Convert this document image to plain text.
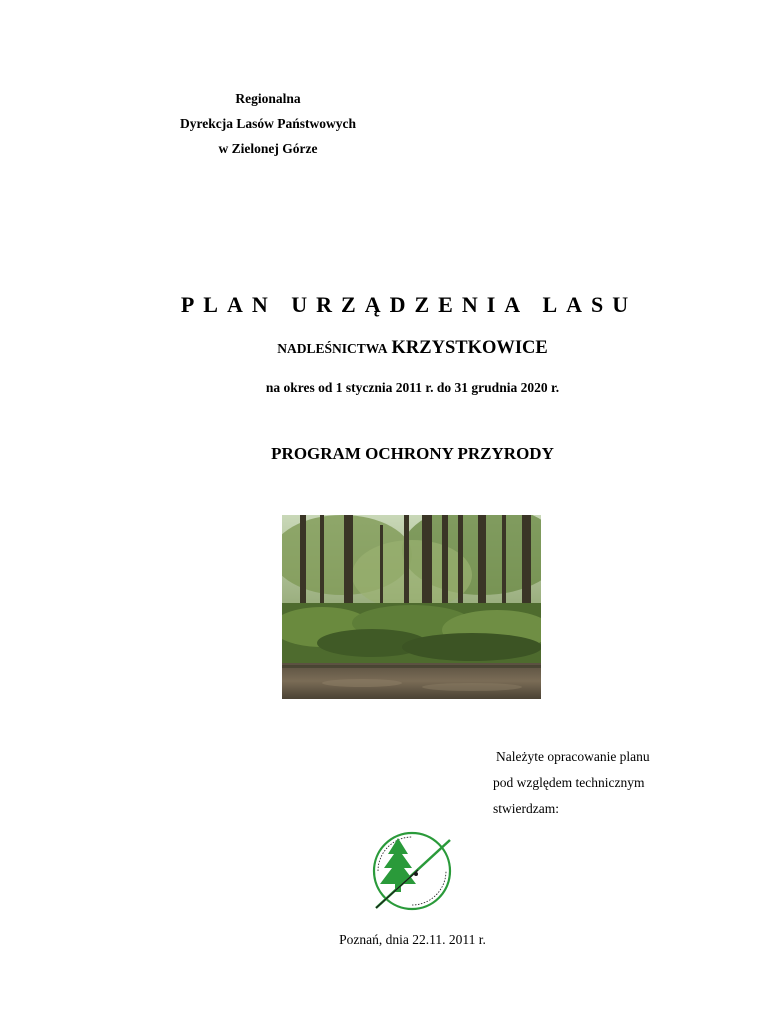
Regionalna
Dyrekcja Lasów Państwowych
w Zielonej Górze
PLAN URZĄDZENIA LASU
NADLEŚNICTWA KRZYSTKOWICE
na okres od 1 stycznia 2011 r. do 31 grudnia 2020 r.
PROGRAM OCHRONY PRZYRODY
Należyte opracowanie planu
pod względem technicznym
stwierdzam:
Poznań, dnia 22.11. 2011 r.
